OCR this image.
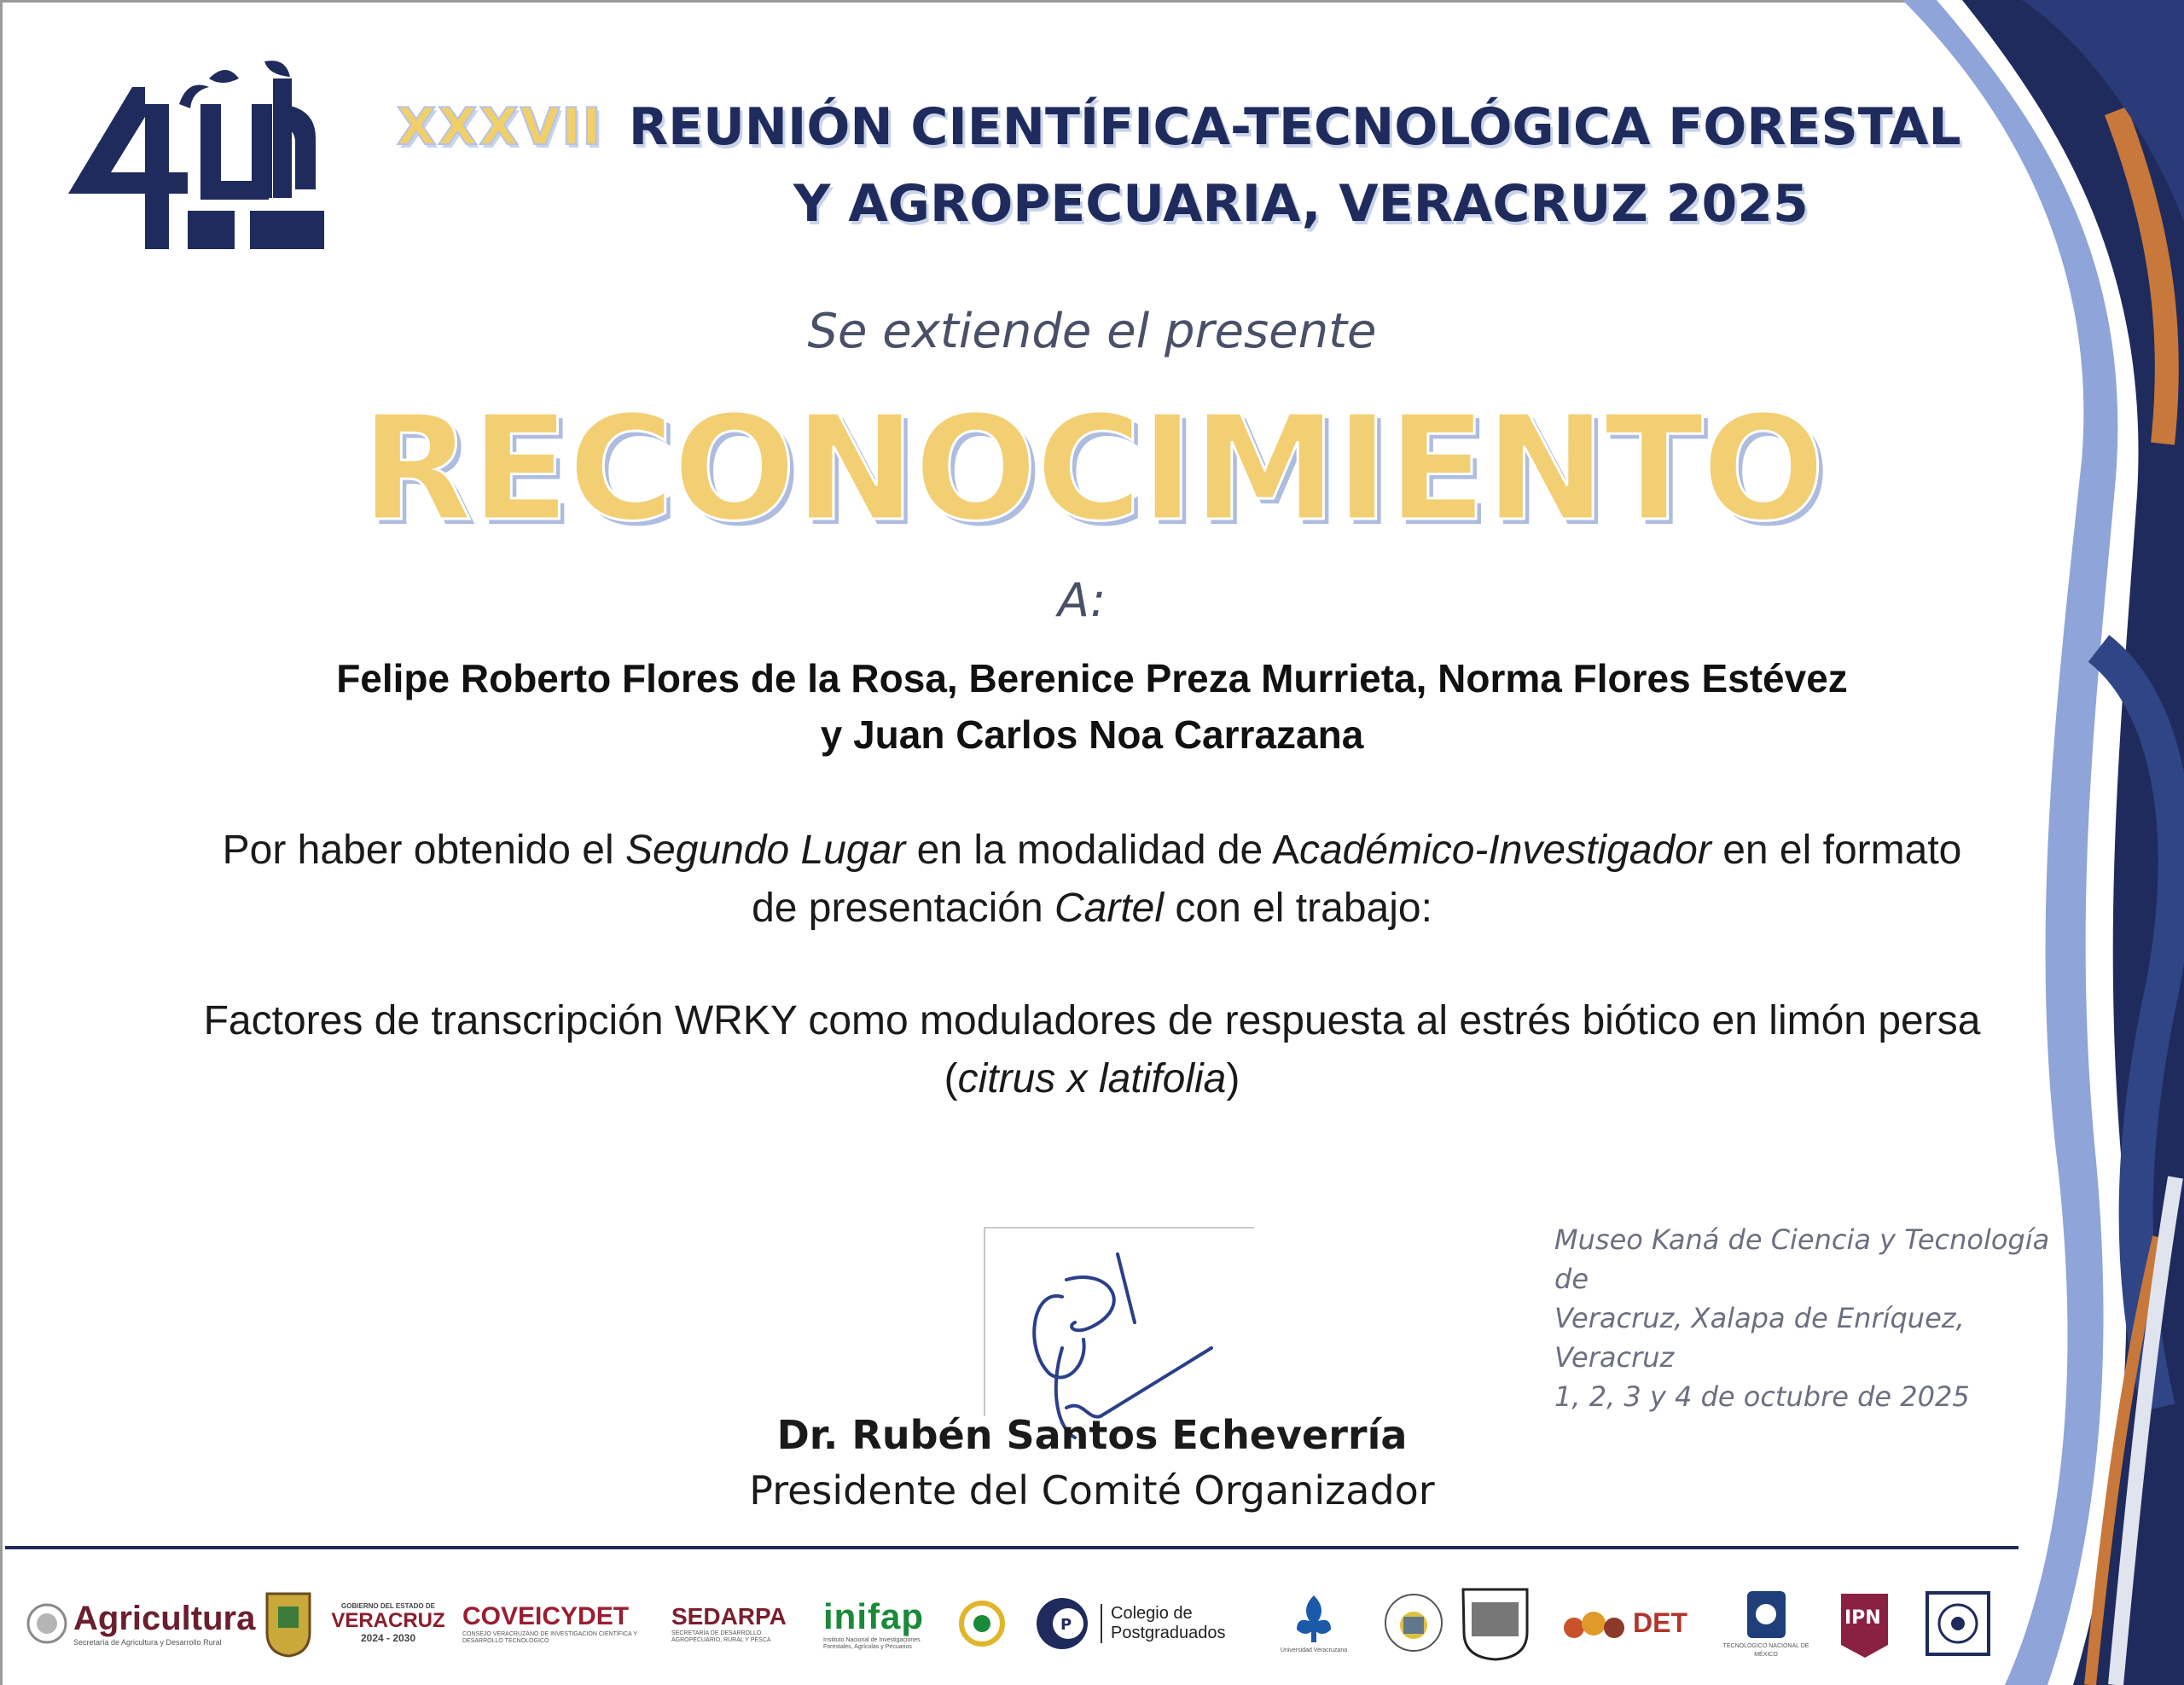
XXXVII REUNIÓN CIENTÍFICA-TECNOLÓGICA FORESTAL
Y AGROPECUARIA, VERACRUZ 2025
Se extiende el presente
RECONOCIMIENTO
A:
Felipe Roberto Flores de la Rosa, Berenice Preza Murrieta, Norma Flores Estévez
y Juan Carlos Noa Carrazana
Por haber obtenido el Segundo Lugar en la modalidad de Académico-Investigador en el formato
de presentación Cartel con el trabajo:
Factores de transcripción WRKY como moduladores de respuesta al estrés biótico en limón persa
(citrus x latifolia)
Museo Kaná de Ciencia y Tecnología de
Veracruz, Xalapa de Enríquez, Veracruz
1, 2, 3 y 4 de octubre de 2025
Dr. Rubén Santos Echeverría
Presidente del Comité Organizador
Agricultura
Secretaría de Agricultura y Desarrollo Rural
GOBIERNO DEL ESTADO DE
VERACRUZ
2024 - 2030
COVEICYDET
CONSEJO VERACRUZANO DE INVESTIGACIÓN CIENTÍFICA Y DESARROLLO TECNOLÓGICO
SEDARPA
SECRETARÍA DE DESARROLLO AGROPECUARIO, RURAL Y PESCA
inifap
Instituto Nacional de Investigaciones Forestales, Agrícolas y Pecuarios
P
Colegio de
Postgraduados
Universidad Veracruzana
DET
TECNOLÓGICO NACIONAL DE MÉXICO
IPN
